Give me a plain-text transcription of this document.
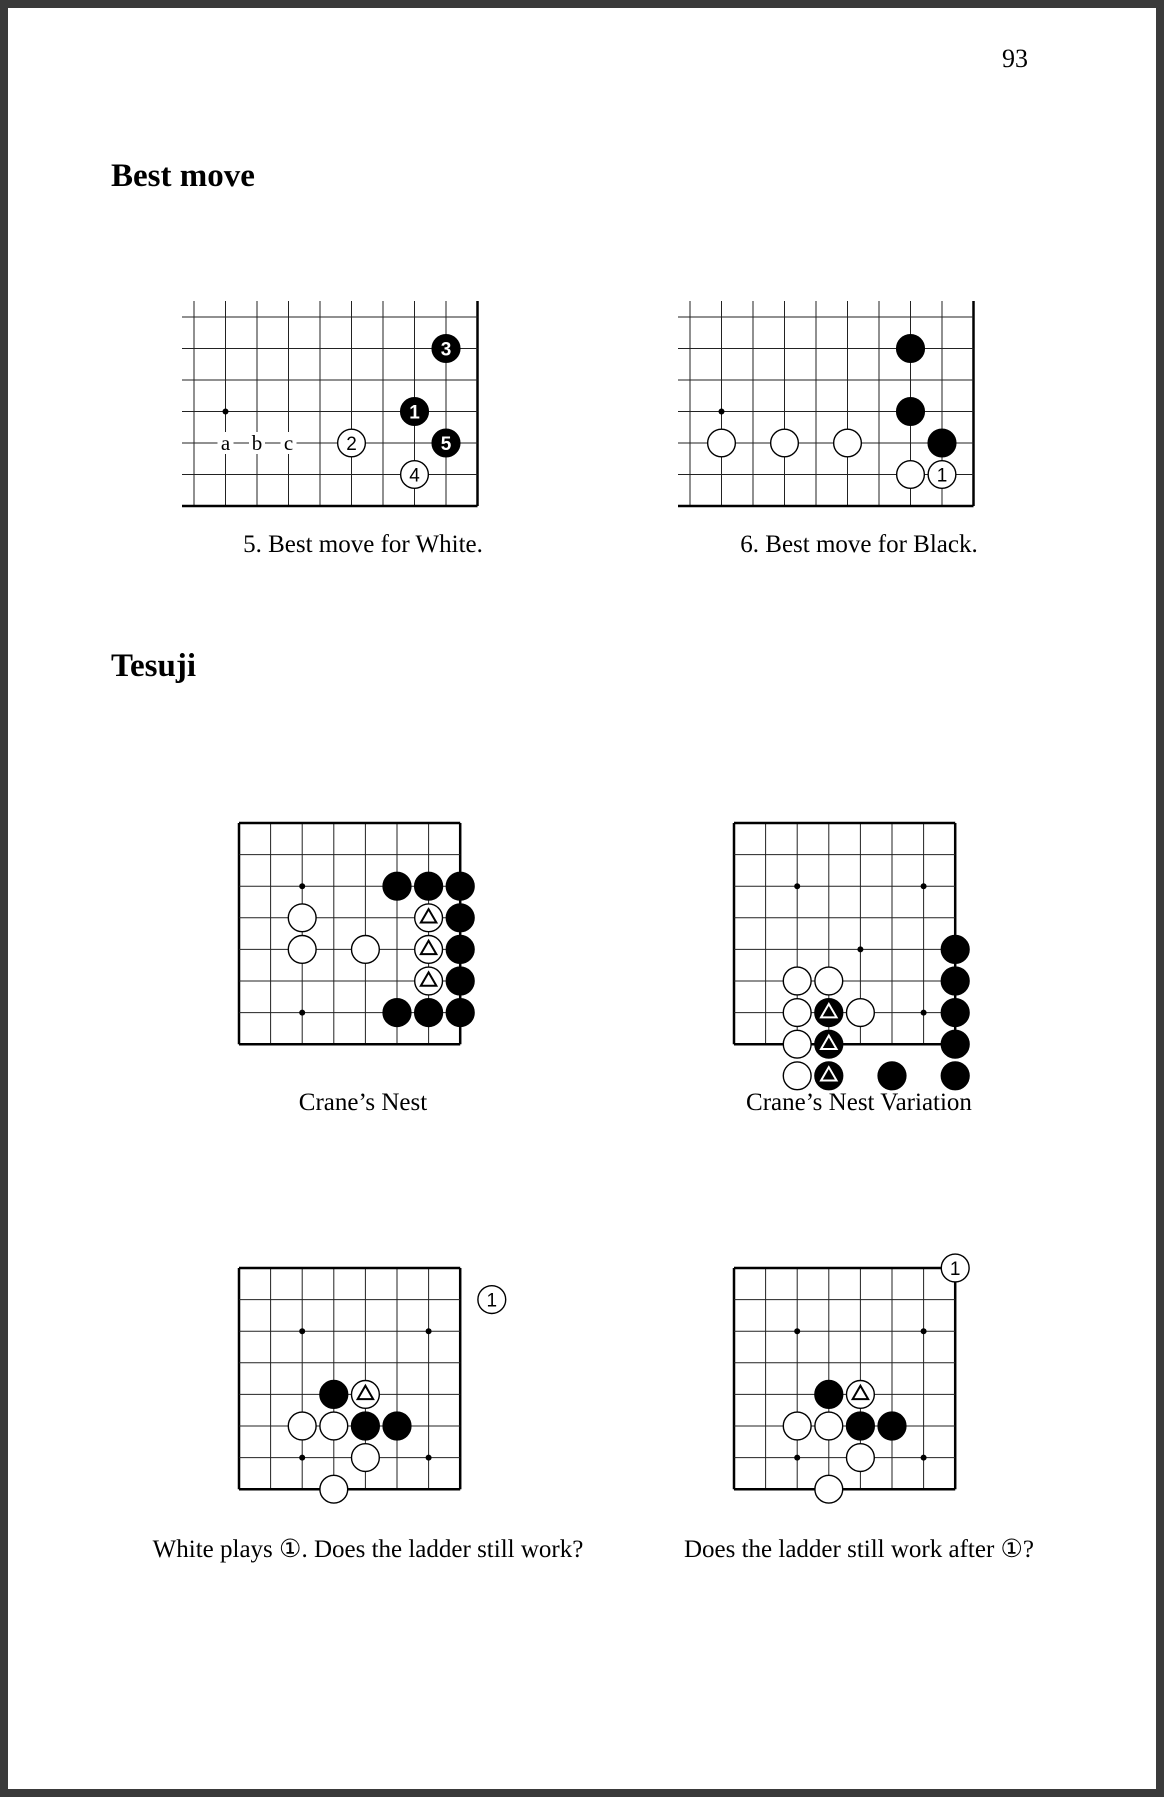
93
Best move
a b c
3
1
2	5
4	1
5. Best move for White.	6. Best move for Black.
Tesuji
Crane’s Nest	Crane’s Nest Variation
1
1
White plays ①. Does the ladder still work?	Does the ladder still work after ①?
